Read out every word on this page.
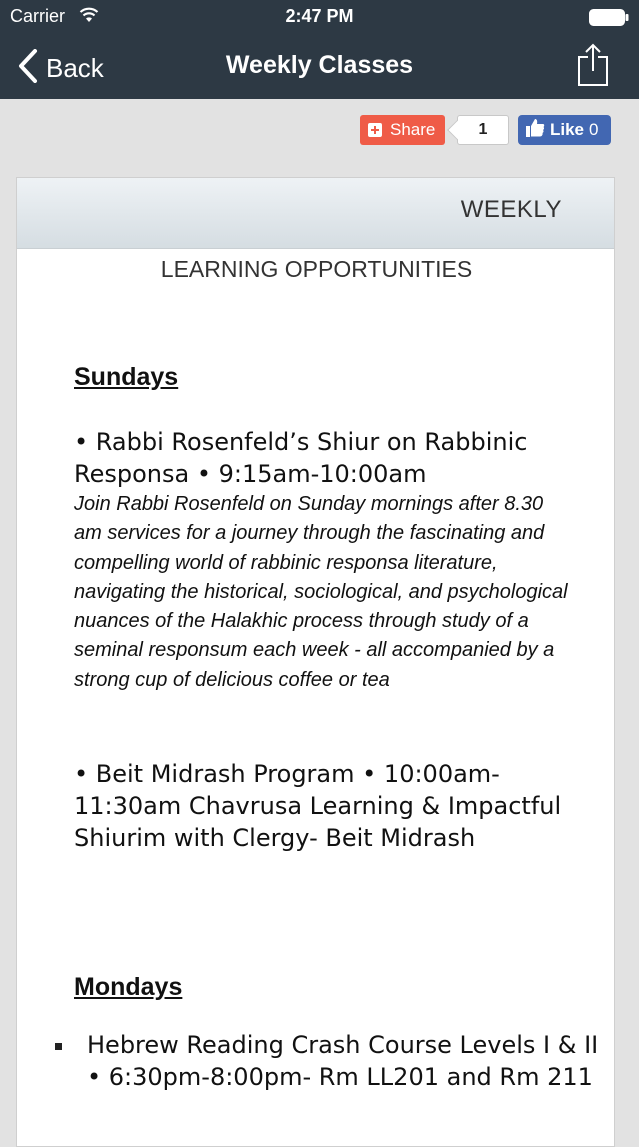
Carrier	2:47 PM
Back	Weekly Classes
Share	1	Like 0
WEEKLY
LEARNING OPPORTUNITIES
Sundays
• Rabbi Rosenfeld’s Shiur on Rabbinic Responsa • 9:15am-10:00am
Join Rabbi Rosenfeld on Sunday mornings after 8.30 am services for a journey through the fascinating and compelling world of rabbinic responsa literature, navigating the historical, sociological, and psychological nuances of the Halakhic process through study of a seminal responsum each week - all accompanied by a strong cup of delicious coffee or tea
• Beit Midrash Program • 10:00am-11:30am Chavrusa Learning & Impactful Shiurim with Clergy- Beit Midrash
Mondays
Hebrew Reading Crash Course Levels I & II • 6:30pm-8:00pm- Rm LL201 and Rm 211
